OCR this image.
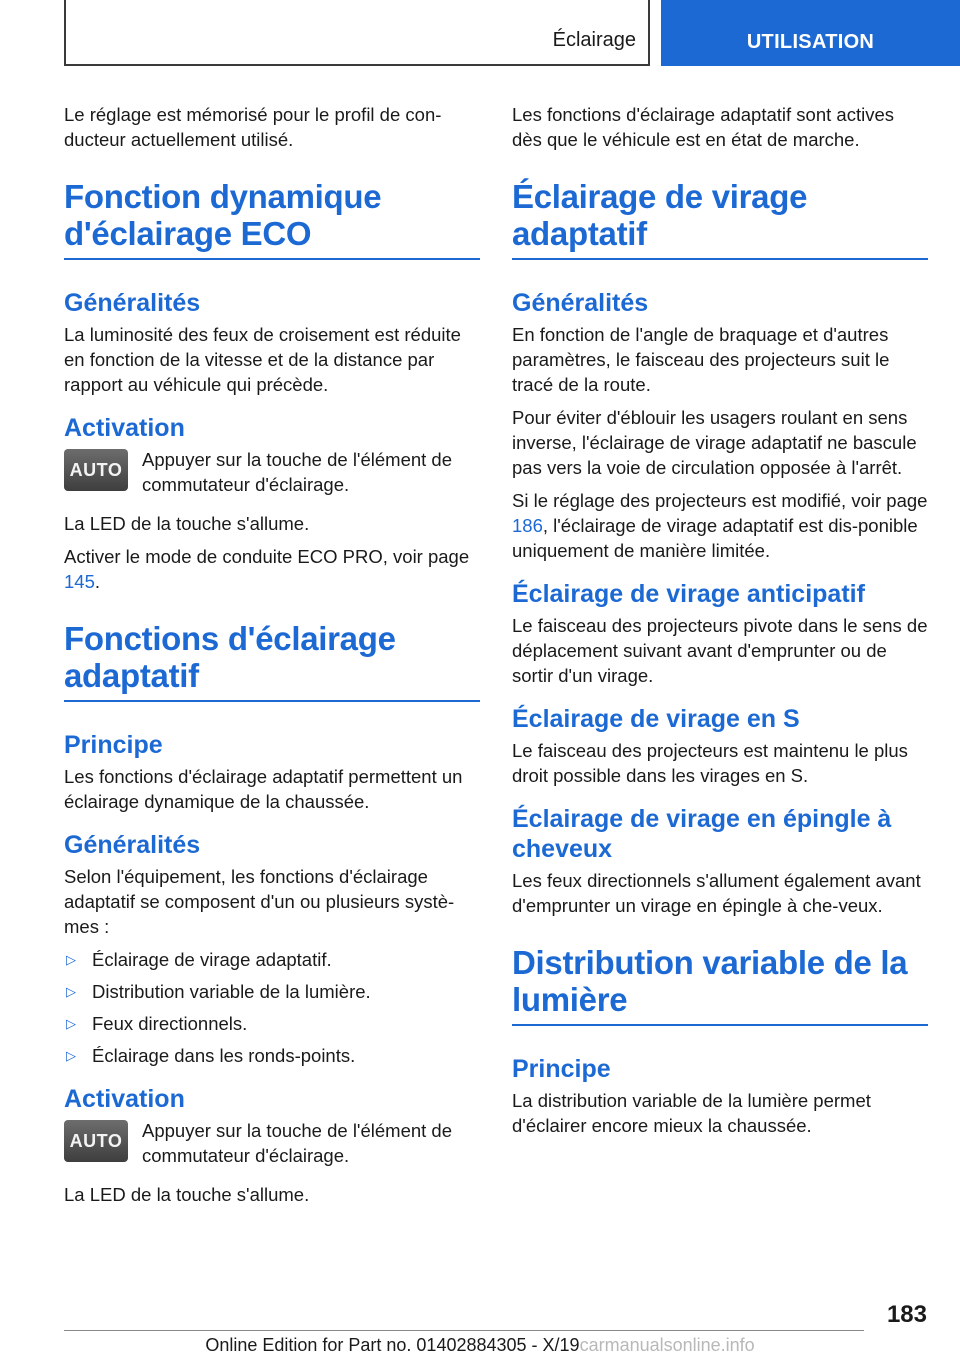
Éclairage	UTILISATION

Le réglage est mémorisé pour le profil de con‐ducteur actuellement utilisé.

Fonction dynamique d'éclairage ECO
Généralités

La luminosité des feux de croisement est réduite en fonction de la vitesse et de la distance par rapport au véhicule qui précède.

Activation
AUTO	Appuyer sur la touche de l'élément de commutateur d'éclairage.

La LED de la touche s'allume.

Activer le mode de conduite ECO PRO, voir page 145.

Fonctions d'éclairage adaptatif
Principe

Les fonctions d'éclairage adaptatif permettent un éclairage dynamique de la chaussée.

Généralités

Selon l'équipement, les fonctions d'éclairage adaptatif se composent d'un ou plusieurs systè‐mes :

▷ Éclairage de virage adaptatif.
▷ Distribution variable de la lumière.
▷ Feux directionnels.
▷ Éclairage dans les ronds-points.
Activation
AUTO	Appuyer sur la touche de l'élément de commutateur d'éclairage.

La LED de la touche s'allume.

Les fonctions d'éclairage adaptatif sont actives dès que le véhicule est en état de marche.

Éclairage de virage adaptatif
Généralités

En fonction de l'angle de braquage et d'autres paramètres, le faisceau des projecteurs suit le tracé de la route.

Pour éviter d'éblouir les usagers roulant en sens inverse, l'éclairage de virage adaptatif ne bascule pas vers la voie de circulation opposée à l'arrêt.

Si le réglage des projecteurs est modifié, voir page 186, l'éclairage de virage adaptatif est dis‐ponible uniquement de manière limitée.

Éclairage de virage anticipatif

Le faisceau des projecteurs pivote dans le sens de déplacement suivant avant d'emprunter ou de sortir d'un virage.

Éclairage de virage en S

Le faisceau des projecteurs est maintenu le plus droit possible dans les virages en S.

Éclairage de virage en épingle à cheveux

Les feux directionnels s'allument également avant d'emprunter un virage en épingle à che‐veux.

Distribution variable de la lumière
Principe

La distribution variable de la lumière permet d'éclairer encore mieux la chaussée.

183
Online Edition for Part no. 01402884305 - X/19carmanualsonline.info
